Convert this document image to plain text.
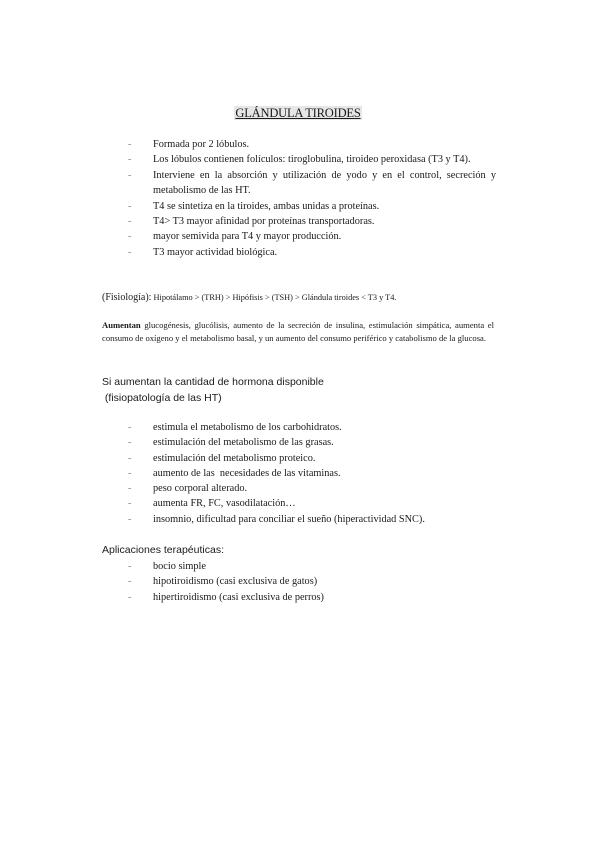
GLÁNDULA TIROIDES
- Formada por 2 lóbulos.
- Los lóbulos contienen folículos: tiroglobulina, tiroideo peroxidasa (T3 y T4).
- Interviene en la absorción y utilización de yodo y en el control, secreción y metabolismo de las HT.
- T4 se sintetiza en la tiroides, ambas unidas a proteínas.
- T4> T3 mayor afinidad por proteínas transportadoras.
- mayor semivida para T4 y mayor producción.
- T3 mayor actividad biológica.
(Fisiología): Hipotálamo > (TRH) > Hipófisis > (TSH) > Glándula tiroides < T3 y T4.
Aumentan glucogénesis, glucólisis, aumento de la secreción de insulina, estimulación simpática, aumenta el consumo de oxígeno y el metabolismo basal, y un aumento del consumo periférico y catabolismo de la glucosa.
Si aumentan la cantidad de hormona disponible
(fisiopatología de las HT)
- estimula el metabolismo de los carbohidratos.
- estimulación del metabolismo de las grasas.
- estimulación del metabolismo proteico.
- aumento de las  necesidades de las vitaminas.
- peso corporal alterado.
- aumenta FR, FC, vasodilatación…
- insomnio, dificultad para conciliar el sueño (hiperactividad SNC).
Aplicaciones terapéuticas:
- bocio simple
- hipotiroidismo (casi exclusiva de gatos)
- hipertiroidismo (casi exclusiva de perros)
